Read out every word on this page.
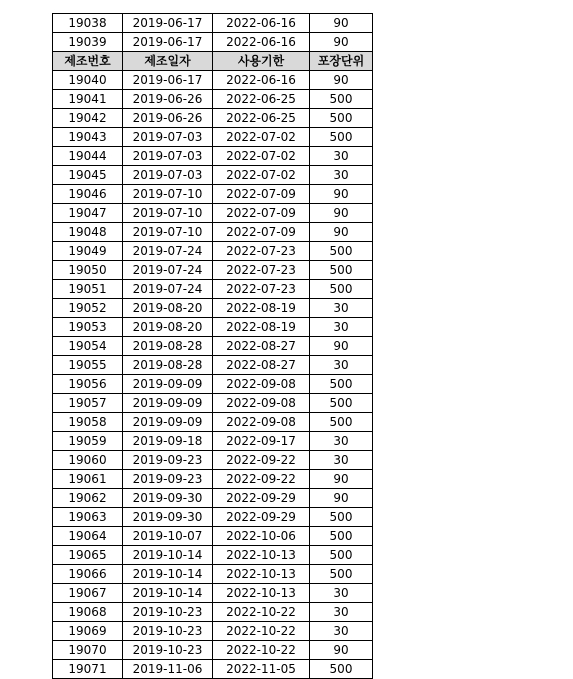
19038	2019-06-17	2022-06-16	90
19039	2019-06-17	2022-06-16	90
제조번호	제조일자	사용기한	포장단위
19040	2019-06-17	2022-06-16	90
19041	2019-06-26	2022-06-25	500
19042	2019-06-26	2022-06-25	500
19043	2019-07-03	2022-07-02	500
19044	2019-07-03	2022-07-02	30
19045	2019-07-03	2022-07-02	30
19046	2019-07-10	2022-07-09	90
19047	2019-07-10	2022-07-09	90
19048	2019-07-10	2022-07-09	90
19049	2019-07-24	2022-07-23	500
19050	2019-07-24	2022-07-23	500
19051	2019-07-24	2022-07-23	500
19052	2019-08-20	2022-08-19	30
19053	2019-08-20	2022-08-19	30
19054	2019-08-28	2022-08-27	90
19055	2019-08-28	2022-08-27	30
19056	2019-09-09	2022-09-08	500
19057	2019-09-09	2022-09-08	500
19058	2019-09-09	2022-09-08	500
19059	2019-09-18	2022-09-17	30
19060	2019-09-23	2022-09-22	30
19061	2019-09-23	2022-09-22	90
19062	2019-09-30	2022-09-29	90
19063	2019-09-30	2022-09-29	500
19064	2019-10-07	2022-10-06	500
19065	2019-10-14	2022-10-13	500
19066	2019-10-14	2022-10-13	500
19067	2019-10-14	2022-10-13	30
19068	2019-10-23	2022-10-22	30
19069	2019-10-23	2022-10-22	30
19070	2019-10-23	2022-10-22	90
19071	2019-11-06	2022-11-05	500
